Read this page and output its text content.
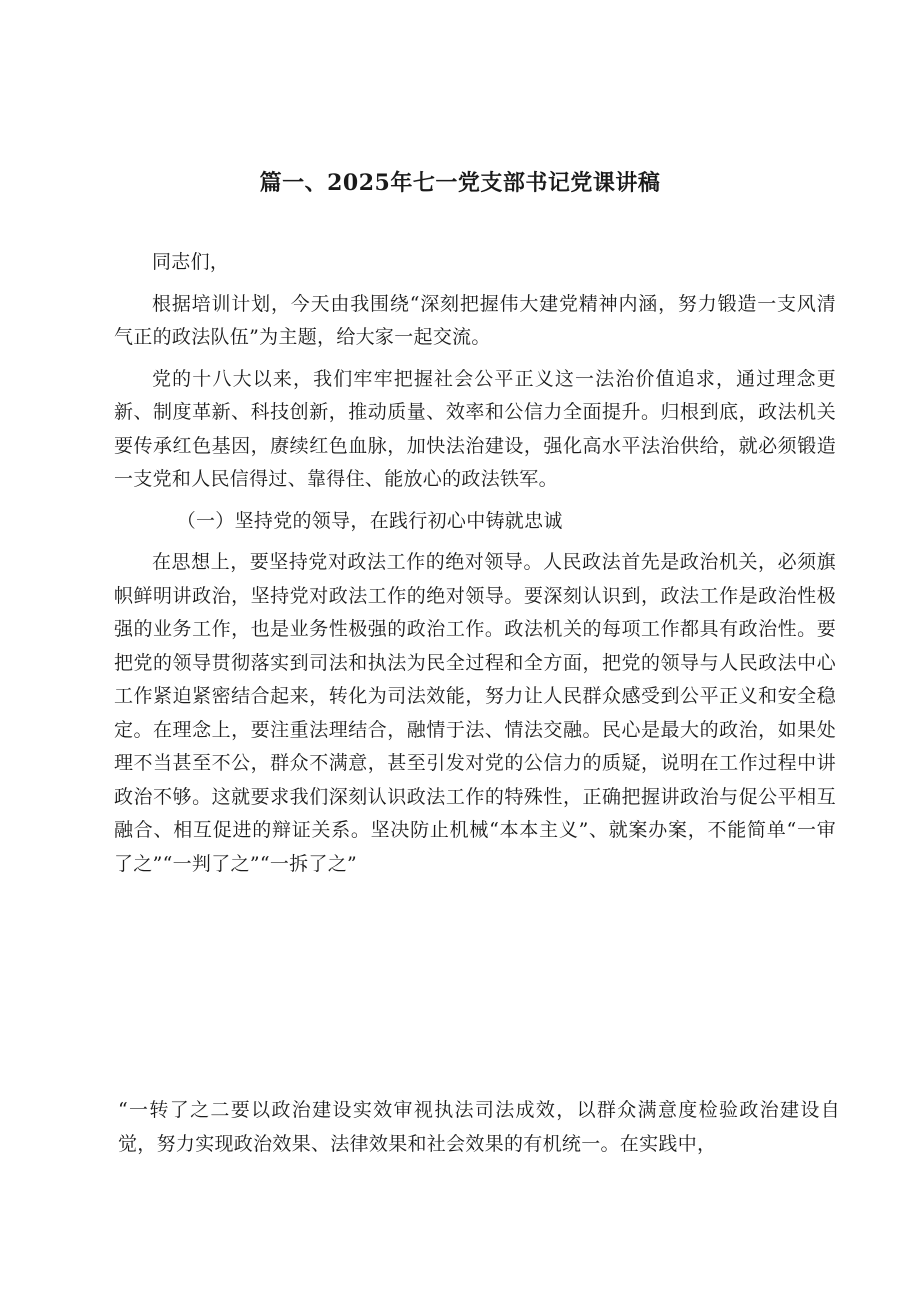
篇一、2025年七一党支部书记党课讲稿

同志们，

根据培训计划，今天由我围绕“深刻把握伟大建党精神内涵，努力锻造一支风清气正的政法队伍”为主题，给大家一起交流。

党的十八大以来，我们牢牢把握社会公平正义这一法治价值追求，通过理念更新、制度革新、科技创新，推动质量、效率和公信力全面提升。归根到底，政法机关要传承红色基因，赓续红色血脉，加快法治建设，强化高水平法治供给，就必须锻造一支党和人民信得过、靠得住、能放心的政法铁军。

（一）坚持党的领导，在践行初心中铸就忠诚

在思想上，要坚持党对政法工作的绝对领导。人民政法首先是政治机关，必须旗帜鲜明讲政治，坚持党对政法工作的绝对领导。要深刻认识到，政法工作是政治性极强的业务工作，也是业务性极强的政治工作。政法机关的每项工作都具有政治性。要把党的领导贯彻落实到司法和执法为民全过程和全方面，把党的领导与人民政法中心工作紧迫紧密结合起来，转化为司法效能，努力让人民群众感受到公平正义和安全稳定。在理念上，要注重法理结合，融情于法、情法交融。民心是最大的政治，如果处理不当甚至不公，群众不满意，甚至引发对党的公信力的质疑，说明在工作过程中讲政治不够。这就要求我们深刻认识政法工作的特殊性，正确把握讲政治与促公平相互融合、相互促进的辩证关系。坚决防止机械“本本主义”、就案办案，不能简单“一审了之”“一判了之”“一拆了之”

“一转了之二要以政治建设实效审视执法司法成效，以群众满意度检验政治建设自觉，努力实现政治效果、法律效果和社会效果的有机统一。在实践中，
